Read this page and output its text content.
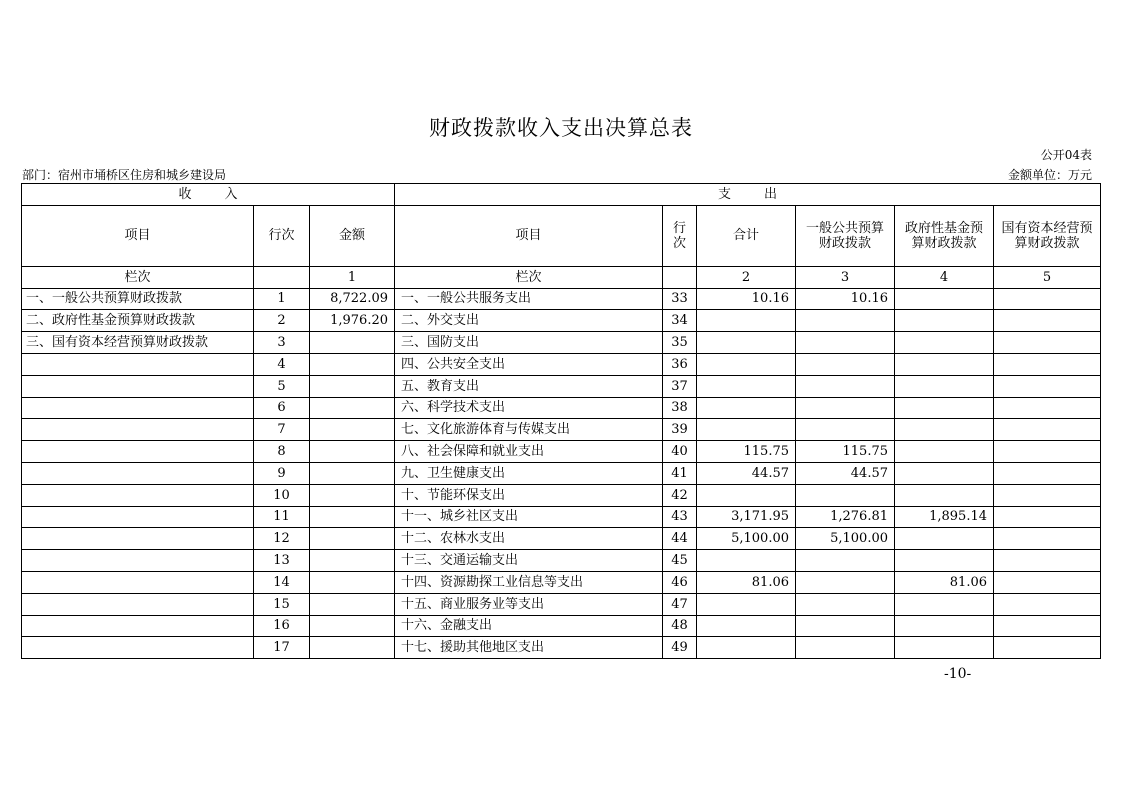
财政拨款收入支出决算总表
公开04表
部门：宿州市埇桥区住房和城乡建设局	金额单位：万元
收        入			支        出					
项目	行次	金额	项目	行次	合计	一般公共预算财政拨款	政府性基金预算财政拨款	国有资本经营预算财政拨款
栏次		1	栏次		2	3	4	5
一、一般公共预算财政拨款	1	8,722.09	一、一般公共服务支出	33	10.16	10.16		
二、政府性基金预算财政拨款	2	1,976.20	二、外交支出	34				
三、国有资本经营预算财政拨款	3		三、国防支出	35				
	4		四、公共安全支出	36				
	5		五、教育支出	37				
	6		六、科学技术支出	38				
	7		七、文化旅游体育与传媒支出	39				
	8		八、社会保障和就业支出	40	115.75	115.75		
	9		九、卫生健康支出	41	44.57	44.57		
	10		十、节能环保支出	42				
	11		十一、城乡社区支出	43	3,171.95	1,276.81	1,895.14	
	12		十二、农林水支出	44	5,100.00	5,100.00		
	13		十三、交通运输支出	45				
	14		十四、资源勘探工业信息等支出	46	81.06		81.06	
	15		十五、商业服务业等支出	47				
	16		十六、金融支出	48				
	17		十七、援助其他地区支出	49				
-10-
